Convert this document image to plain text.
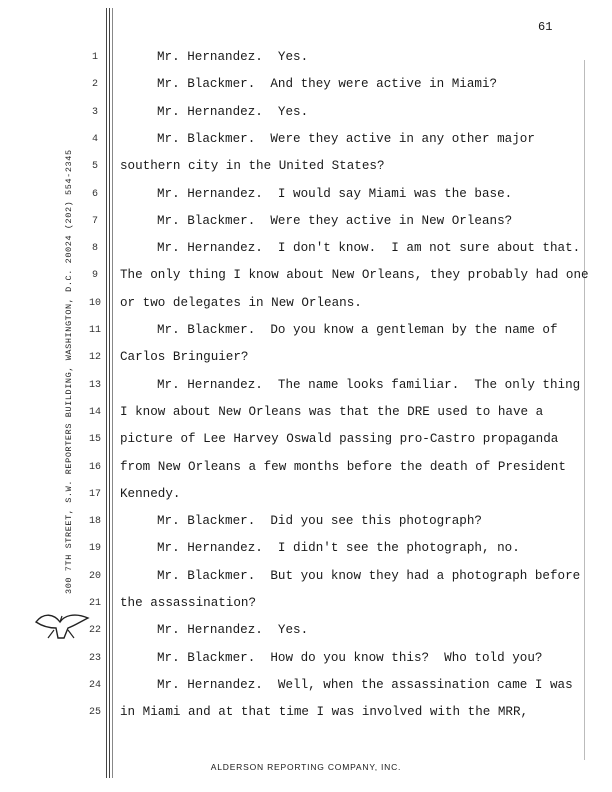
61
300 7TH STREET, S.W. REPORTERS BUILDING, WASHINGTON, D.C. 20024 (202) 554-2345
1	Mr. Hernandez.  Yes.
2	Mr. Blackmer.  And they were active in Miami?
3	Mr. Hernandez.  Yes.
4	Mr. Blackmer.  Were they active in any other major
5	southern city in the United States?
6	Mr. Hernandez.  I would say Miami was the base.
7	Mr. Blackmer.  Were they active in New Orleans?
8	Mr. Hernandez.  I don't know.  I am not sure about that.
9	The only thing I know about New Orleans, they probably had one
10 or two delegates in New Orleans.
11	Mr. Blackmer.  Do you know a gentleman by the name of
12 Carlos Bringuier?
13	Mr. Hernandez.  The name looks familiar.  The only thing
14 I know about New Orleans was that the DRE used to have a
15 picture of Lee Harvey Oswald passing pro-Castro propaganda
16 from New Orleans a few months before the death of President
17 Kennedy.
18	Mr. Blackmer.  Did you see this photograph?
19	Mr. Hernandez.  I didn't see the photograph, no.
20	Mr. Blackmer.  But you know they had a photograph before
21 the assassination?
22	Mr. Hernandez.  Yes.
23	Mr. Blackmer.  How do you know this?  Who told you?
24	Mr. Hernandez.  Well, when the assassination came I was
25 in Miami and at that time I was involved with the MRR,
ALDERSON REPORTING COMPANY, INC.
